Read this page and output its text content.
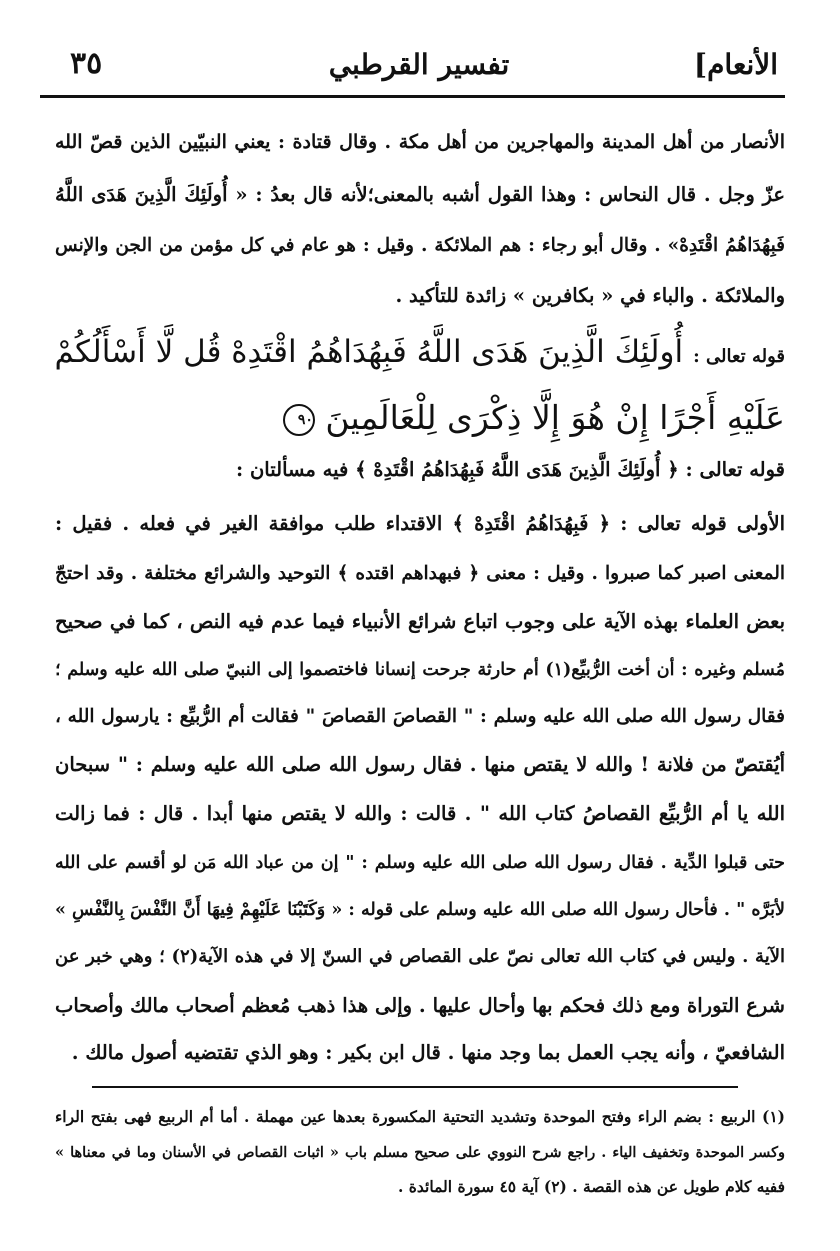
الأنعام]
تفسير القرطبي
٣٥
الأنصار من أهل المدينة والمهاجرين من أهل مكة . وقال قتادة : يعني النبيّين الذين قصّ الله
عزّ وجل . قال النحاس : وهذا القول أشبه بالمعنى؛لأنه قال بعدُ : « أُولَئِكَ الَّذِينَ هَدَى اللَّهُ
فَبِهُدَاهُمُ اقْتَدِهْ» . وقال أبو رجاء : هم الملائكة . وقيل : هو عام في كل مؤمن من الجن والإنس
والملائكة . والباء في « بكافرين » زائدة للتأكيد .
قوله تعالى : أُولَئِكَ الَّذِينَ هَدَى اللَّهُ فَبِهُدَاهُمُ اقْتَدِهْ قُل لَّا أَسْأَلُكُمْ
عَلَيْهِ أَجْرًا إِنْ هُوَ إِلَّا ذِكْرَى لِلْعَالَمِينَ ٩٠
قوله تعالى : ﴿ أُولَئِكَ الَّذِينَ هَدَى اللَّهُ فَبِهُدَاهُمُ اقْتَدِهْ ﴾ فيه مسألتان :
الأولى قوله تعالى : ﴿ فَبِهُدَاهُمُ اقْتَدِهْ ﴾ الاقتداء طلب موافقة الغير في فعله . فقيل :
المعنى اصبر كما صبروا . وقيل : معنى ﴿ فبهداهم اقتده ﴾ التوحيد والشرائع مختلفة . وقد احتجّ
بعض العلماء بهذه الآية على وجوب اتباع شرائع الأنبياء فيما عدم فيه النص ، كما في صحيح
مُسلم وغيره : أن أخت الرُّبيِّع(١) أم حارثة جرحت إنسانا فاختصموا إلى النبيّ صلى الله عليه وسلم ؛
فقال رسول الله صلى الله عليه وسلم : " القصاصَ القصاصَ " فقالت أم الرُّبيِّع : يارسول الله ،
أيُقتصّ من فلانة ! والله لا يقتص منها . فقال رسول الله صلى الله عليه وسلم : " سبحان
الله يا أم الرُّبيِّع القصاصُ كتاب الله " . قالت : والله لا يقتص منها أبدا . قال : فما زالت
حتى قبلوا الدِّية . فقال رسول الله صلى الله عليه وسلم : " إن من عباد الله مَن لو أقسم على الله
لأبَرَّه " . فأحال رسول الله صلى الله عليه وسلم على قوله : « وَكَتَبْنَا عَلَيْهِمْ فِيهَا أَنَّ النَّفْسَ بِالنَّفْسِ »
الآية . وليس في كتاب الله تعالى نصّ على القصاص في السنّ إلا في هذه الآية(٢) ؛ وهي خبر عن
شرع التوراة ومع ذلك فحكم بها وأحال عليها . وإلى هذا ذهب مُعظم أصحاب مالك وأصحاب
الشافعيّ ، وأنه يجب العمل بما وجد منها . قال ابن بكير : وهو الذي تقتضيه أصول مالك .
(١) الربيع : بضم الراء وفتح الموحدة وتشديد التحتية المكسورة بعدها عين مهملة . أما أم الربيع فهى بفتح الراء
وكسر الموحدة وتخفيف الياء . راجع شرح النووي على صحيح مسلم باب « اثبات القصاص في الأسنان وما في معناها »
ففيه كلام طويل عن هذه القصة . (٢) آية ٤٥ سورة المائدة .
